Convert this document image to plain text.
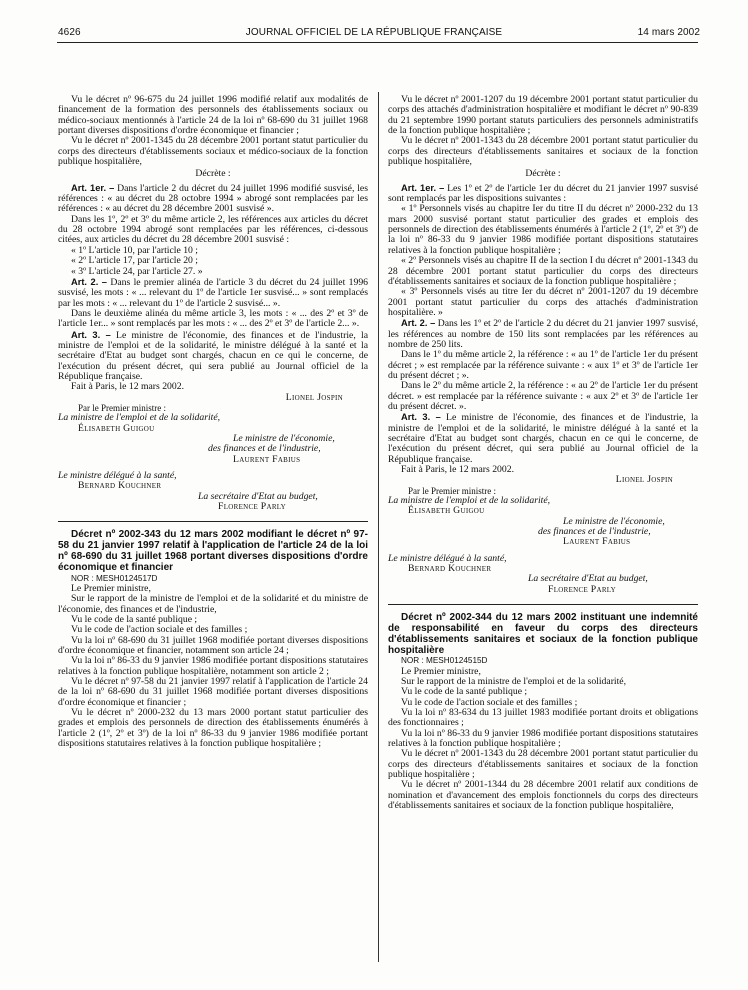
4626	JOURNAL OFFICIEL DE LA RÉPUBLIQUE FRANÇAISE	14 mars 2002

Vu le décret nº 96-675 du 24 juillet 1996 modifié relatif aux modalités de financement de la formation des personnels des établissements sociaux ou médico-sociaux mentionnés à l'article 24 de la loi nº 68-690 du 31 juillet 1968 portant diverses dispositions d'ordre économique et financier ;

Vu le décret nº 2001-1345 du 28 décembre 2001 portant statut particulier du corps des directeurs d'établissements sociaux et médico-sociaux de la fonction publique hospitalière,

Décrète :

Art. 1er. – Dans l'article 2 du décret du 24 juillet 1996 modifié susvisé, les références : « au décret du 28 octobre 1994 » abrogé sont remplacées par les références : « au décret du 28 décembre 2001 susvisé ».

Dans les 1º, 2º et 3º du même article 2, les références aux articles du décret du 28 octobre 1994 abrogé sont remplacées par les références, ci-dessous citées, aux articles du décret du 28 décembre 2001 susvisé :

« 1º L'article 10, par l'article 10 ;

« 2º L'article 17, par l'article 20 ;

« 3º L'article 24, par l'article 27. »

Art. 2. – Dans le premier alinéa de l'article 3 du décret du 24 juillet 1996 susvisé, les mots : « ... relevant du 1º de l'article 1er susvisé... » sont remplacés par les mots : « ... relevant du 1º de l'article 2 susvisé... ».

Dans le deuxième alinéa du même article 3, les mots : « ... des 2º et 3º de l'article 1er... » sont remplacés par les mots : « ... des 2º et 3º de l'article 2... ».

Art. 3. – Le ministre de l'économie, des finances et de l'industrie, la ministre de l'emploi et de la solidarité, le ministre délégué à la santé et la secrétaire d'Etat au budget sont chargés, chacun en ce qui le concerne, de l'exécution du présent décret, qui sera publié au Journal officiel de la République française.

Fait à Paris, le 12 mars 2002.

Lionel Jospin

Par le Premier ministre :

La ministre de l'emploi et de la solidarité,

Élisabeth Guigou

Le ministre de l'économie,

des finances et de l'industrie,

Laurent Fabius

Le ministre délégué à la santé,

Bernard Kouchner

La secrétaire d'Etat au budget,

Florence Parly

Décret nº 2002-343 du 12 mars 2002 modifiant le décret nº 97-58 du 21 janvier 1997 relatif à l'application de l'article 24 de la loi nº 68-690 du 31 juillet 1968 portant diverses dispositions d'ordre économique et financier

NOR : MESH0124517D

Le Premier ministre,

Sur le rapport de la ministre de l'emploi et de la solidarité et du ministre de l'économie, des finances et de l'industrie,

Vu le code de la santé publique ;

Vu le code de l'action sociale et des familles ;

Vu la loi nº 68-690 du 31 juillet 1968 modifiée portant diverses dispositions d'ordre économique et financier, notamment son article 24 ;

Vu la loi nº 86-33 du 9 janvier 1986 modifiée portant dispositions statutaires relatives à la fonction publique hospitalière, notamment son article 2 ;

Vu le décret nº 97-58 du 21 janvier 1997 relatif à l'application de l'article 24 de la loi nº 68-690 du 31 juillet 1968 modifiée portant diverses dispositions d'ordre économique et financier ;

Vu le décret nº 2000-232 du 13 mars 2000 portant statut particulier des grades et emplois des personnels de direction des établissements énumérés à l'article 2 (1º, 2º et 3º) de la loi nº 86-33 du 9 janvier 1986 modifiée portant dispositions statutaires relatives à la fonction publique hospitalière ;

Vu le décret nº 2001-1207 du 19 décembre 2001 portant statut particulier du corps des attachés d'administration hospitalière et modifiant le décret nº 90-839 du 21 septembre 1990 portant statuts particuliers des personnels administratifs de la fonction publique hospitalière ;

Vu le décret nº 2001-1343 du 28 décembre 2001 portant statut particulier du corps des directeurs d'établissements sanitaires et sociaux de la fonction publique hospitalière,

Décrète :

Art. 1er. – Les 1º et 2º de l'article 1er du décret du 21 janvier 1997 susvisé sont remplacés par les dispositions suivantes :

« 1º Personnels visés au chapitre Ier du titre II du décret nº 2000-232 du 13 mars 2000 susvisé portant statut particulier des grades et emplois des personnels de direction des établissements énumérés à l'article 2 (1º, 2º et 3º) de la loi nº 86-33 du 9 janvier 1986 modifiée portant dispositions statutaires relatives à la fonction publique hospitalière ;

« 2º Personnels visés au chapitre II de la section I du décret nº 2001-1343 du 28 décembre 2001 portant statut particulier du corps des directeurs d'établissements sanitaires et sociaux de la fonction publique hospitalière ;

« 3º Personnels visés au titre Ier du décret nº 2001-1207 du 19 décembre 2001 portant statut particulier du corps des attachés d'administration hospitalière. »

Art. 2. – Dans les 1º et 2º de l'article 2 du décret du 21 janvier 1997 susvisé, les références au nombre de 150 lits sont remplacées par les références au nombre de 250 lits.

Dans le 1º du même article 2, la référence : « au 1º de l'article 1er du présent décret ; » est remplacée par la référence suivante : « aux 1º et 3º de l'article 1er du présent décret ; ».

Dans le 2º du même article 2, la référence : « au 2º de l'article 1er du présent décret. » est remplacée par la référence suivante : « aux 2º et 3º de l'article 1er du présent décret. ».

Art. 3. – Le ministre de l'économie, des finances et de l'industrie, la ministre de l'emploi et de la solidarité, le ministre délégué à la santé et la secrétaire d'Etat au budget sont chargés, chacun en ce qui le concerne, de l'exécution du présent décret, qui sera publié au Journal officiel de la République française.

Fait à Paris, le 12 mars 2002.

Lionel Jospin

Par le Premier ministre :

La ministre de l'emploi et de la solidarité,

Élisabeth Guigou

Le ministre de l'économie,

des finances et de l'industrie,

Laurent Fabius

Le ministre délégué à la santé,

Bernard Kouchner

La secrétaire d'Etat au budget,

Florence Parly

Décret nº 2002-344 du 12 mars 2002 instituant une indemnité de responsabilité en faveur du corps des directeurs d'établissements sanitaires et sociaux de la fonction publique hospitalière

NOR : MESH0124515D

Le Premier ministre,

Sur le rapport de la ministre de l'emploi et de la solidarité,

Vu le code de la santé publique ;

Vu le code de l'action sociale et des familles ;

Vu la loi nº 83-634 du 13 juillet 1983 modifiée portant droits et obligations des fonctionnaires ;

Vu la loi nº 86-33 du 9 janvier 1986 modifiée portant dispositions statutaires relatives à la fonction publique hospitalière ;

Vu le décret nº 2001-1343 du 28 décembre 2001 portant statut particulier du corps des directeurs d'établissements sanitaires et sociaux de la fonction publique hospitalière ;

Vu le décret nº 2001-1344 du 28 décembre 2001 relatif aux conditions de nomination et d'avancement des emplois fonctionnels du corps des directeurs d'établissements sanitaires et sociaux de la fonction publique hospitalière,
